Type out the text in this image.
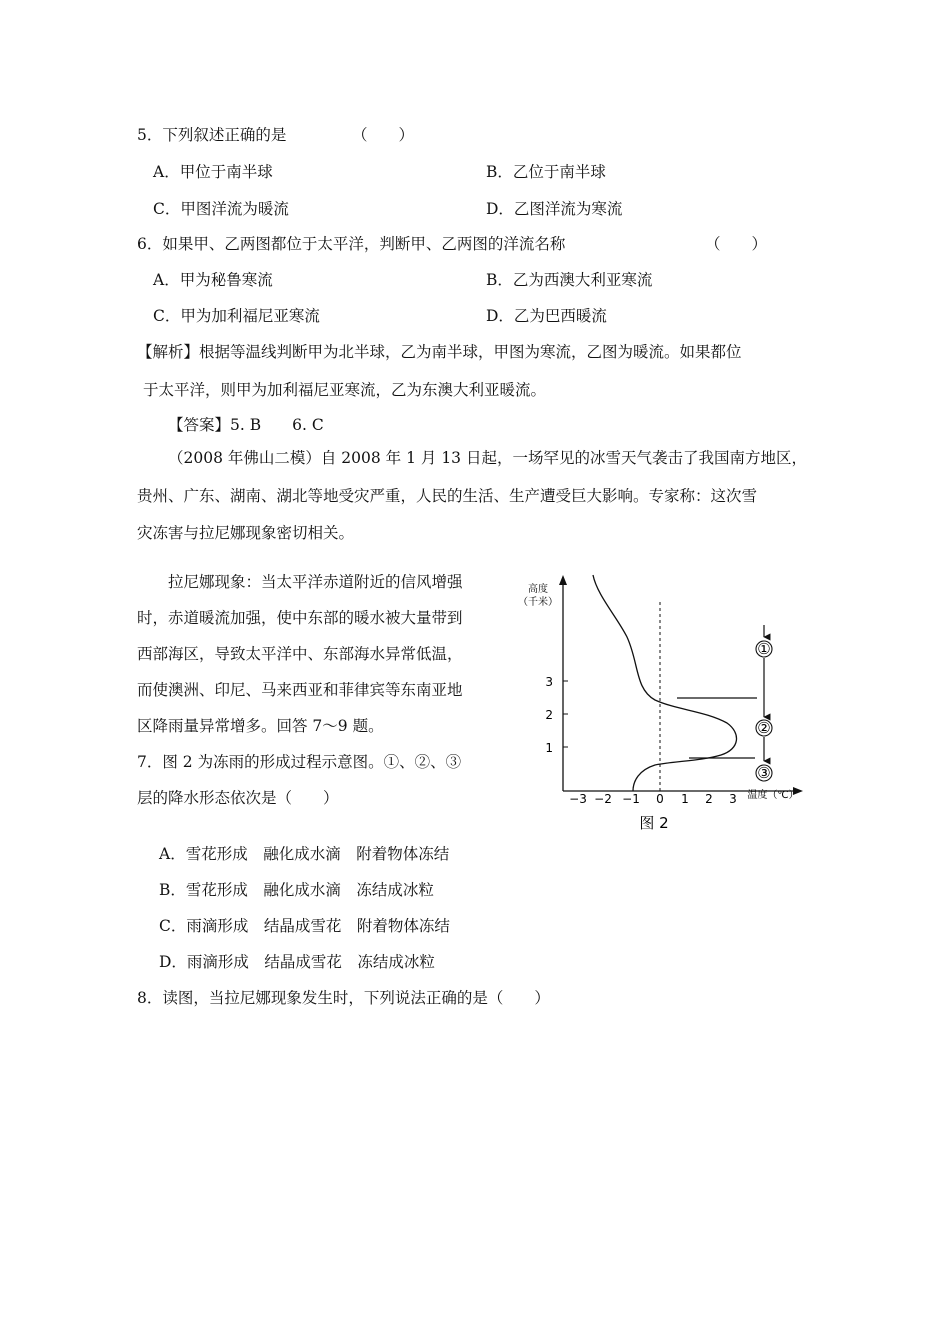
5．下列叙述正确的是	（　　）
A．甲位于南半球	B．乙位于南半球
C．甲图洋流为暖流	D．乙图洋流为寒流
6．如果甲、乙两图都位于太平洋，判断甲、乙两图的洋流名称	（　　）
A．甲为秘鲁寒流	B．乙为西澳大利亚寒流
C．甲为加利福尼亚寒流	D．乙为巴西暖流
【解析】根据等温线判断甲为北半球，乙为南半球，甲图为寒流，乙图为暖流。如果都位
于太平洋，则甲为加利福尼亚寒流，乙为东澳大利亚暖流。
【答案】5. B　　6. C
（2008 年佛山二模）自 2008 年 1 月 13 日起，一场罕见的冰雪天气袭击了我国南方地区，
贵州、广东、湖南、湖北等地受灾严重，人民的生活、生产遭受巨大影响。专家称：这次雪
灾冻害与拉尼娜现象密切相关。
　　拉尼娜现象：当太平洋赤道附近的信风增强
时，赤道暖流加强，使中东部的暖水被大量带到
西部海区，导致太平洋中、东部海水异常低温，
而使澳洲、印尼、马来西亚和菲律宾等东南亚地
区降雨量异常增多。回答 7～9 题。
7．图 2 为冻雨的形成过程示意图。①、②、③
层的降水形态依次是（　　）
A．雪花形成　融化成水滴　附着物体冻结
B．雪花形成　融化成水滴　冻结成冰粒
C．雨滴形成　结晶成雪花　附着物体冻结
D．雨滴形成　结晶成雪花　冻结成冰粒
8．读图，当拉尼娜现象发生时，下列说法正确的是（　　）
1
2
3
高度
（千米）
−3 −2 −1 0 1 2 3 温度（℃）
①
②
③
图 2
